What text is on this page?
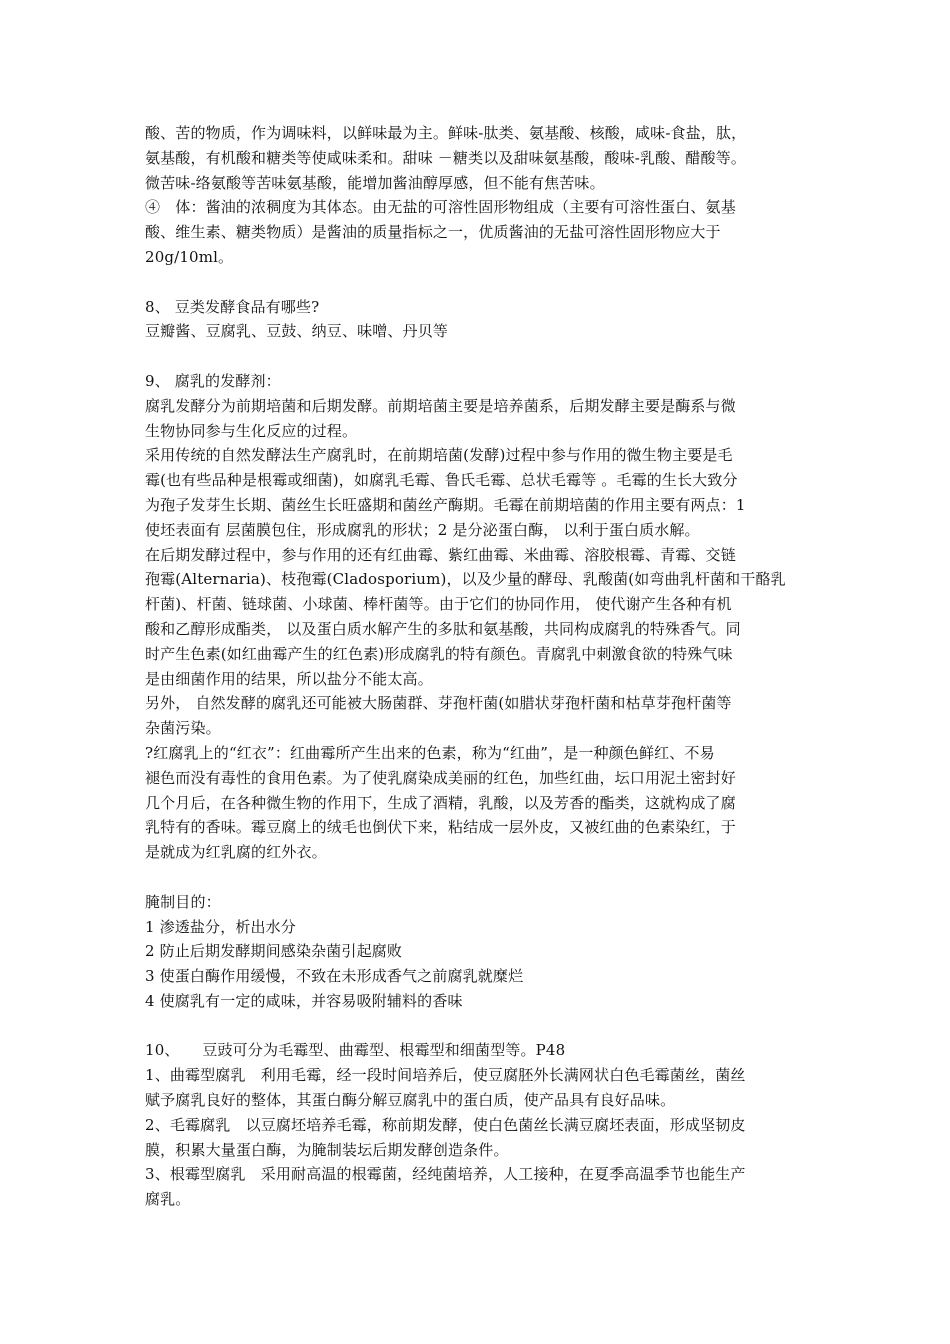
酸、苦的物质，作为调味料，以鲜味最为主。鲜味-肽类、氨基酸、核酸，咸味-食盐，肽，
氨基酸，有机酸和糖类等使咸味柔和。甜味 －糖类以及甜味氨基酸，酸味-乳酸、醋酸等。
微苦味-络氨酸等苦味氨基酸，能增加酱油醇厚感，但不能有焦苦味。
④　体：酱油的浓稠度为其体态。由无盐的可溶性固形物组成（主要有可溶性蛋白、氨基
酸、维生素、糖类物质）是酱油的质量指标之一，优质酱油的无盐可溶性固形物应大于
20g/10ml。
8、 豆类发酵食品有哪些?
豆瓣酱、豆腐乳、豆鼓、纳豆、味噌、丹贝等
9、 腐乳的发酵剂：
腐乳发酵分为前期培菌和后期发酵。前期培菌主要是培养菌系，后期发酵主要是酶系与微
生物协同参与生化反应的过程。
采用传统的自然发酵法生产腐乳时，在前期培菌(发酵)过程中参与作用的微生物主要是毛
霉(也有些品种是根霉或细菌)，如腐乳毛霉、鲁氏毛霉、总状毛霉等 。毛霉的生长大致分
为孢子发芽生长期、菌丝生长旺盛期和菌丝产酶期。毛霉在前期培菌的作用主要有两点：1
使坯表面有 层菌膜包住，形成腐乳的形状；2 是分泌蛋白酶， 以利于蛋白质水解。
在后期发酵过程中，参与作用的还有红曲霉、紫红曲霉、米曲霉、溶胶根霉、青霉、交链
孢霉(Alternaria)、枝孢霉(Cladosporium)，以及少量的酵母、乳酸菌(如弯曲乳杆菌和干酪乳
杆菌)、杆菌、链球菌、小球菌、棒杆菌等。由于它们的协同作用， 使代谢产生各种有机
酸和乙醇形成酯类， 以及蛋白质水解产生的多肽和氨基酸，共同构成腐乳的特殊香气。同
时产生色素(如红曲霉产生的红色素)形成腐乳的特有颜色。青腐乳中刺激食欲的特殊气味
是由细菌作用的结果，所以盐分不能太高。
另外， 自然发酵的腐乳还可能被大肠菌群、芽孢杆菌(如腊状芽孢杆菌和枯草芽孢杆菌等
杂菌污染。
?红腐乳上的“红衣”：红曲霉所产生出来的色素，称为“红曲”，是一种颜色鲜红、不易
褪色而没有毒性的食用色素。为了使乳腐染成美丽的红色，加些红曲，坛口用泥土密封好
几个月后，在各种微生物的作用下，生成了酒精，乳酸，以及芳香的酯类，这就构成了腐
乳特有的香味。霉豆腐上的绒毛也倒伏下来，粘结成一层外皮，又被红曲的色素染红，于
是就成为红乳腐的红外衣。
腌制目的：
1 渗透盐分，析出水分
2 防止后期发酵期间感染杂菌引起腐败
3 使蛋白酶作用缓慢，不致在未形成香气之前腐乳就糜烂
4 使腐乳有一定的咸味，并容易吸附辅料的香味
10、　　豆豉可分为毛霉型、曲霉型、根霉型和细菌型等。P48
1、曲霉型腐乳　利用毛霉，经一段时间培养后，使豆腐胚外长满网状白色毛霉菌丝，菌丝
赋予腐乳良好的整体，其蛋白酶分解豆腐乳中的蛋白质，使产品具有良好品味。
2、毛霉腐乳　以豆腐坯培养毛霉，称前期发酵，使白色菌丝长满豆腐坯表面，形成坚韧皮
膜，积累大量蛋白酶，为腌制装坛后期发酵创造条件。
3、根霉型腐乳　采用耐高温的根霉菌，经纯菌培养，人工接种，在夏季高温季节也能生产
腐乳。
